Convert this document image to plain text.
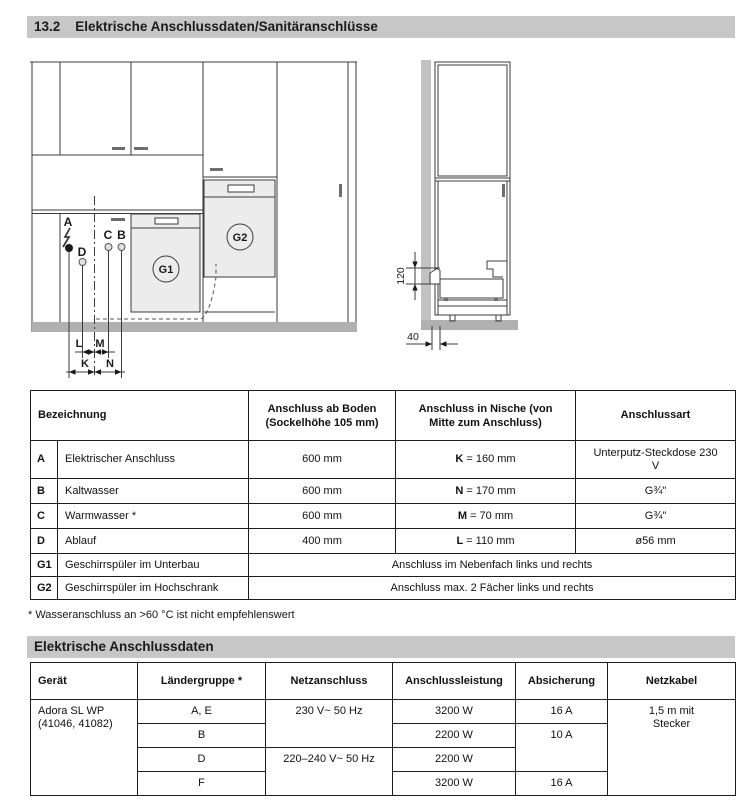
13.2 Elektrische Anschlussdaten/Sanitäranschlüsse
G1
G2
A
D
C B
L M
K N
120
40
Bezeichnung		Anschluss ab Boden (Sockelhöhe 105 mm)	Anschluss in Nische (von Mitte zum Anschluss)	Anschlussart
A	Elektrischer Anschluss	600 mm	K = 160 mm	Unterputz-Steckdose 230 V
B	Kaltwasser	600 mm	N = 170 mm	G¾"
C	Warmwasser *	600 mm	M = 70 mm	G¾"
D	Ablauf	400 mm	L = 110 mm	ø56 mm
G1	Geschirrspüler im Unterbau	Anschluss im Nebenfach links und rechts		
G2	Geschirrspüler im Hochschrank	Anschluss max. 2 Fächer links und rechts		
* Wasseranschluss an >60 °C ist nicht empfehlenswert
Elektrische Anschlussdaten
Gerät	Ländergruppe *	Netzanschluss	Anschlussleistung	Absicherung	Netzkabel
Adora SL WP (41046, 41082)	A, E	230 V~ 50 Hz	3200 W	16 A	1,5 m mit Stecker
	B		2200 W	10 A	
	D	220–240 V~ 50 Hz	2200 W		
	F		3200 W	16 A	
